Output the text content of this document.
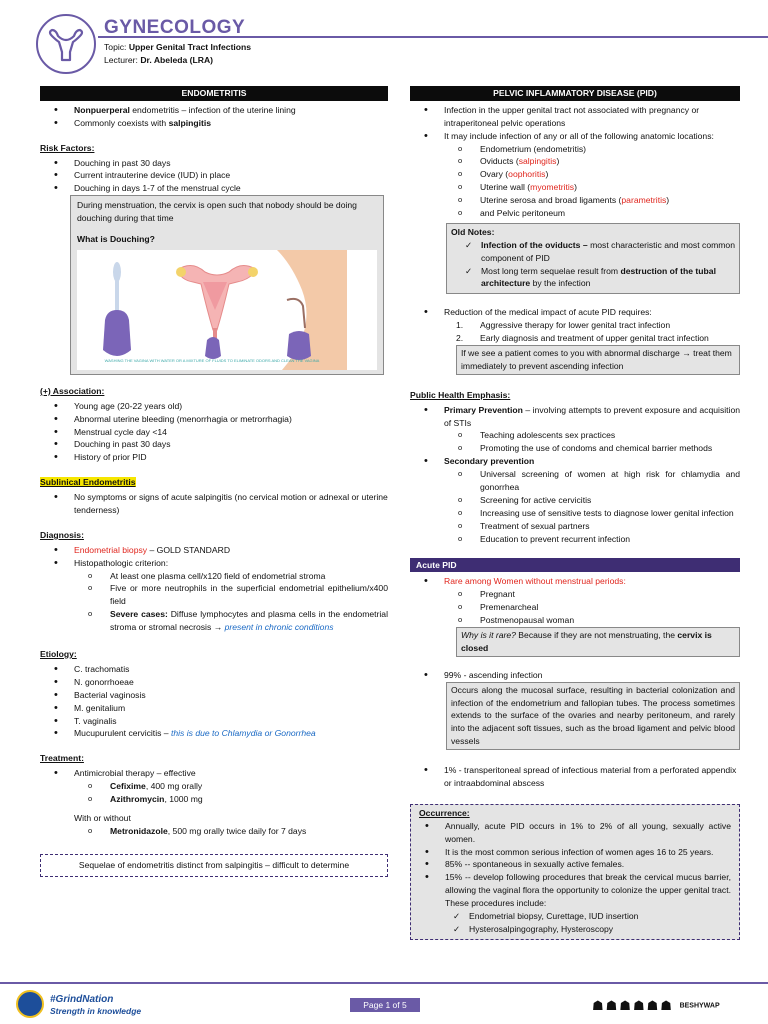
GYNECOLOGY
Topic: Upper Genital Tract Infections
Lecturer: Dr. Abeleda (LRA)
ENDOMETRITIS
• Nonpuerperal endometritis – infection of the uterine lining
• Commonly coexists with salpingitis
Risk Factors:
• Douching in past 30 days
• Current intrauterine device (IUD) in place
• Douching in days 1-7 of the menstrual cycle
During menstruation, the cervix is open such that nobody should be doing douching during that time
What is Douching?
WASHING THE VAGINA WITH WATER OR A MIXTURE OF FLUIDS TO ELIMINATE ODORS AND CLEAN THE VAGINA
(+) Association:
• Young age (20-22 years old)
• Abnormal uterine bleeding (menorrhagia or metrorrhagia)
• Menstrual cycle day <14
• Douching in past 30 days
• History of prior PID
Sublinical Endometritis
• No symptoms or signs of acute salpingitis (no cervical motion or adnexal or uterine tenderness)
Diagnosis:
• Endometrial biopsy – GOLD STANDARD
• Histopathologic criterion:
o At least one plasma cell/x120 field of endometrial stroma
o Five or more neutrophils in the superficial endometrial epithelium/x400 field
o Severe cases: Diffuse lymphocytes and plasma cells in the endometrial stroma or stromal necrosis → present in chronic conditions
Etiology:
• C. trachomatis
• N. gonorrhoeae
• Bacterial vaginosis
• M. genitalium
• T. vaginalis
• Mucupurulent cervicitis – this is due to Chlamydia or Gonorrhea
Treatment:
• Antimicrobial therapy – effective
o Cefixime, 400 mg orally
o Azithromycin, 1000 mg
With or without
o Metronidazole, 500 mg orally twice daily for 7 days
Sequelae of endometritis distinct from salpingitis – difficult to determine
PELVIC INFLAMMATORY DISEASE (PID)
• Infection in the upper genital tract not associated with pregnancy or intraperitoneal pelvic operations
• It may include infection of any or all of the following anatomic locations:
o Endometrium (endometritis)
o Oviducts (salpingitis)
o Ovary (oophoritis)
o Uterine wall (myometritis)
o Uterine serosa and broad ligaments (parametritis)
o and Pelvic peritoneum
Old Notes:
✓ Infection of the oviducts – most characteristic and most common component of PID
✓ Most long term sequelae result from destruction of the tubal architecture by the infection
• Reduction of the medical impact of acute PID requires:
1. Aggressive therapy for lower genital tract infection
2. Early diagnosis and treatment of upper genital tract infection
If we see a patient comes to you with abnormal discharge → treat them immediately to prevent ascending infection
Public Health Emphasis:
• Primary Prevention – involving attempts to prevent exposure and acquisition of STIs
o Teaching adolescents sex practices
o Promoting the use of condoms and chemical barrier methods
• Secondary prevention
o Universal screening of women at high risk for chlamydia and gonorrhea
o Screening for active cervicitis
o Increasing use of sensitive tests to diagnose lower genital infection
o Treatment of sexual partners
o Education to prevent recurrent infection
Acute PID
• Rare among Women without menstrual periods:
o Pregnant
o Premenarcheal
o Postmenopausal woman
Why is it rare? Because if they are not menstruating, the cervix is closed
• 99% - ascending infection
Occurs along the mucosal surface, resulting in bacterial colonization and infection of the endometrium and fallopian tubes. The process sometimes extends to the surface of the ovaries and nearby peritoneum, and rarely into the adjacent soft tissues, such as the broad ligament and pelvic blood vessels
• 1% - transperitoneal spread of infectious material from a perforated appendix or intraabdominal abscess
Occurrence:
• Annually, acute PID occurs in 1% to 2% of all young, sexually active women.
• It is the most common serious infection of women ages 16 to 25 years.
• 85% -- spontaneous in sexually active females.
• 15% -- develop following procedures that break the cervical mucus barrier, allowing the vaginal flora the opportunity to colonize the upper genital tract. These procedures include:
✓ Endometrial biopsy, Curettage, IUD insertion
✓ Hysterosalpingography, Hysteroscopy
#GrindNation
Strength in knowledge
Page 1 of 5	☗☗☗☗☗☗ BESHYWAP
